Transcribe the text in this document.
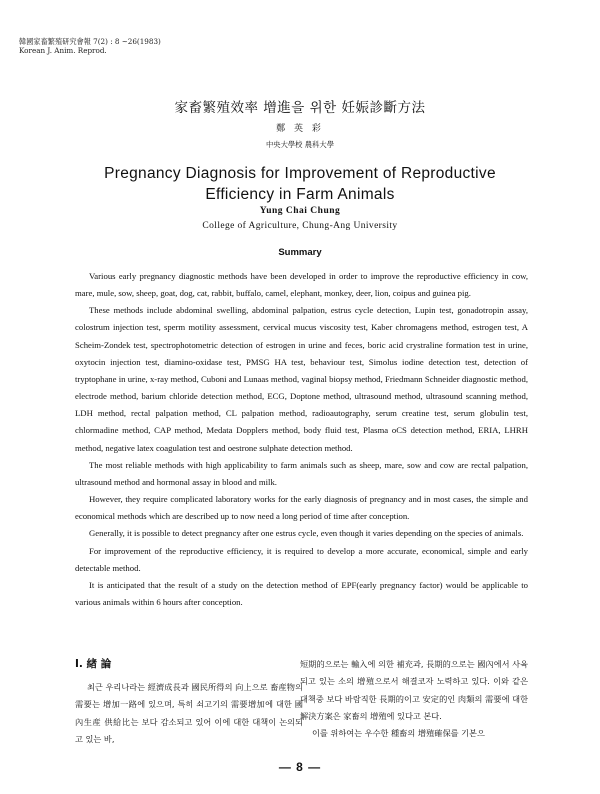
韓國家畜繁殖研究會報 7(2) : 8 ~26(1983)
Korean J. Anim. Reprod.
家畜繁殖效率 增進을 위한 妊娠診斷方法
鄭 英 彩
中央大學校 農科大學
Pregnancy Diagnosis for Improvement of Reproductive
Efficiency in Farm Animals
Yung Chai Chung
College of Agriculture, Chung-Ang University
Summary

Various early pregnancy diagnostic methods have been developed in order to improve the reproductive efficiency in cow, mare, mule, sow, sheep, goat, dog, cat, rabbit, buffalo, camel, elephant, monkey, deer, lion, coipus and guinea pig.

These methods include abdominal swelling, abdominal palpation, estrus cycle detection, Lupin test, gonadotropin assay, colostrum injection test, sperm motility assessment, cervical mucus viscosity test, Kaber chromagens method, estrogen test, A Scheim-Zondek test, spectrophotometric detection of estrogen in urine and feces, boric acid crystraline formation test in urine, oxytocin injection test, diamino-oxidase test, PMSG HA test, behaviour test, Simolus iodine detection test, detection of tryptophane in urine, x-ray method, Cuboni and Lunaas method, vaginal biopsy method, Friedmann Schneider diagnostic method, electrode method, barium chloride detection method, ECG, Doptone method, ultrasound method, ultrasound scanning method, LDH method, rectal palpation method, CL palpation method, radioautography, serum creatine test, serum globulin test, chlormadine method, CAP method, Medata Dopplers method, body fluid test, Plasma oCS detection method, ERIA, LHRH method, negative latex coagulation test and oestrone sulphate detection method.

The most reliable methods with high applicability to farm animals such as sheep, mare, sow and cow are rectal palpation, ultrasound method and hormonal assay in blood and milk.

However, they require complicated laboratory works for the early diagnosis of pregnancy and in most cases, the simple and economical methods which are described up to now need a long period of time after conception.

Generally, it is possible to detect pregnancy after one estrus cycle, even though it varies depending on the species of animals.

For improvement of the reproductive efficiency, it is required to develop a more accurate, economical, simple and early detectable method.

It is anticipated that the result of a study on the detection method of EPF(early pregnancy factor) would be applicable to various animals within 6 hours after conception.

Ⅰ. 緖 論

최근 우리나라는 經濟成長과 國民所得의 向上으로 畜産物의 需要는 增加一路에 있으며, 특히 쇠고기의 需要增加에 대한 國內生産 供給比는 보다 감소되고 있어 이에 대한 대책이 논의되고 있는 바,

短期的으로는 輸入에 의한 補充과, 長期的으로는 國內에서 사육되고 있는 소의 增殖으로서 해결코자 노력하고 있다. 이와 같은 대책중 보다 바람직한 長期的이고 安定的인 肉類의 需要에 대한 解決方案은 家畜의 增殖에 있다고 본다.

이를 위하여는 우수한 種畜의 增殖確保를 기본으

— 8 —
